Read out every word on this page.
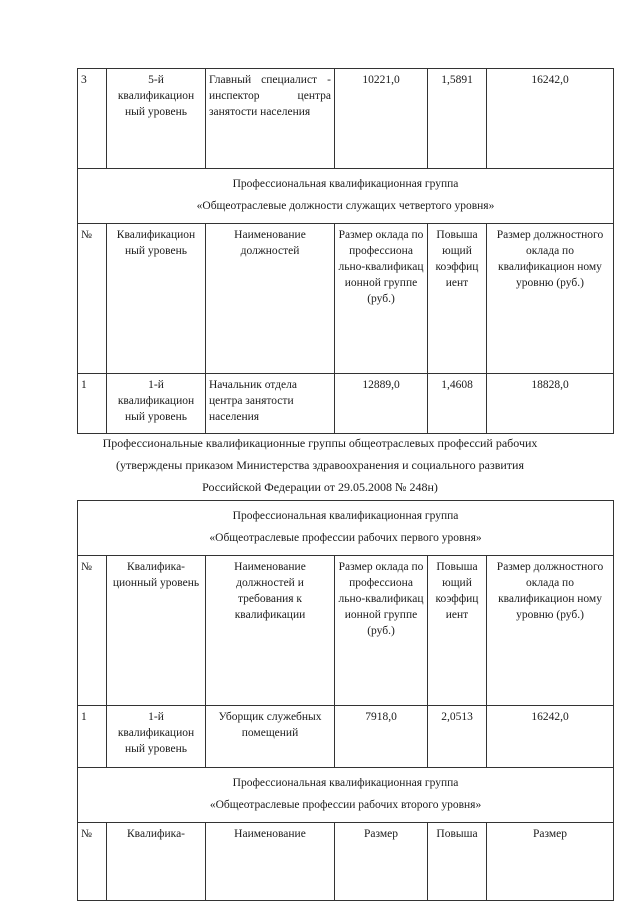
3	5-й квалификацион ный уровень	Главный специалист - инспектор центра занятости населения	10221,0	1,5891	16242,0

Профессиональная квалификационная группа
«Общеотраслевые должности служащих четвертого уровня»					

№	Квалификацион ный уровень	Наименование должностей	Размер оклада по профессиона льно-квалификац ионной группе (руб.)	Повыша ющий коэффиц иент	Размер должностного оклада по квалификацион ному уровню (руб.)
1	1-й квалификацион ный уровень	Начальник отдела центра занятости населения	12889,0	1,4608	18828,0
Профессиональные квалификационные группы общеотраслевых профессий рабочих
(утверждены приказом Министерства здравоохранения и социального развития
Российской Федерации от 29.05.2008 № 248н)
Профессиональная квалификационная группа
«Общеотраслевые профессии рабочих первого уровня»					

№	Квалифика-ционный уровень	Наименование должностей и требования к квалификации	Размер оклада по профессиона льно-квалификац ионной группе (руб.)	Повыша ющий коэффиц иент	Размер должностного оклада по квалификацион ному уровню (руб.)
1	1-й квалификацион ный уровень	Уборщик служебных помещений	7918,0	2,0513	16242,0

Профессиональная квалификационная группа
«Общеотраслевые профессии рабочих второго уровня»					

№	Квалифика-	Наименование	Размер	Повыша	Размер
